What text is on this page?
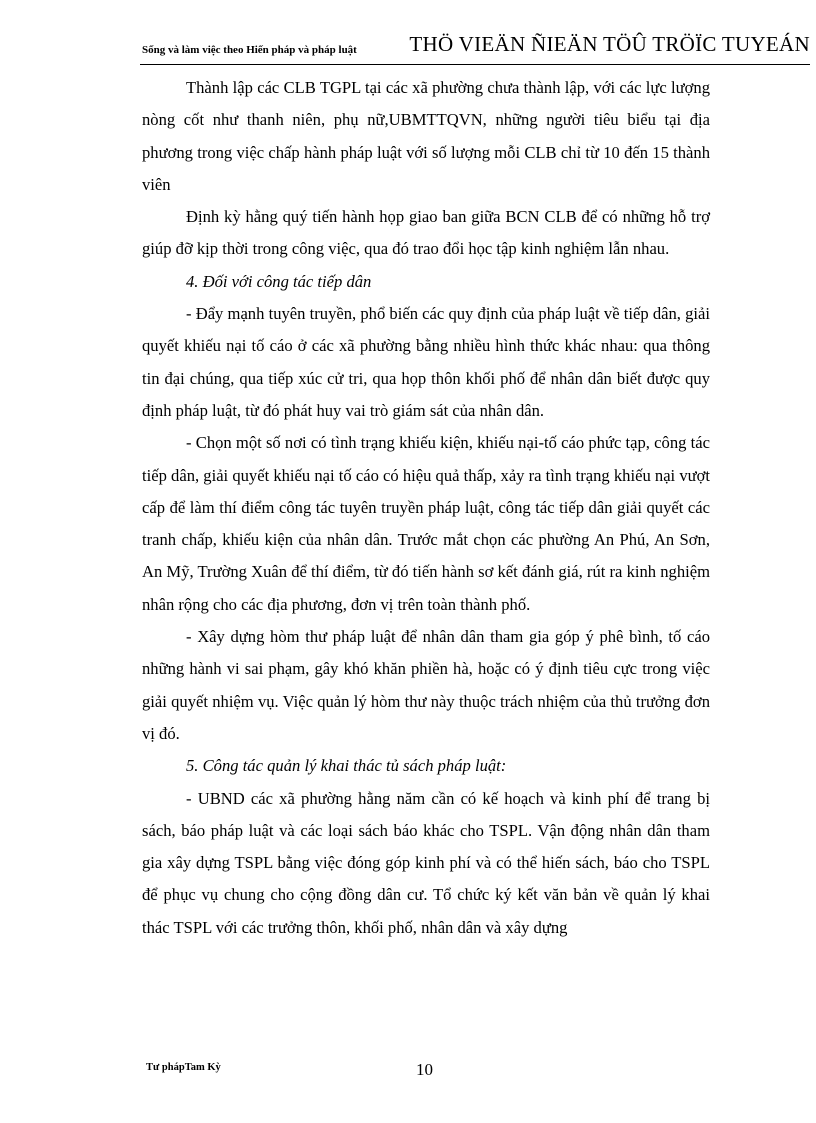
Sống và làm việc theo Hiến pháp và pháp luật	THÖ VIEÄN ÑIEÄN TÖÛ TRÖÏC TUYEÁN

Thành lập các CLB TGPL tại các xã phường chưa thành lập, với các lực lượng nòng cốt như thanh niên, phụ nữ,UBMTTQVN, những người tiêu biểu tại địa phương trong việc chấp hành pháp luật với số lượng mỗi CLB chỉ từ 10 đến 15 thành viên

Định kỳ hằng quý tiến hành họp giao ban giữa BCN CLB để có những hỗ trợ giúp đỡ kịp thời trong công việc, qua đó trao đổi học tập kinh nghiệm lẫn nhau.

4. Đối với công tác tiếp dân

- Đẩy mạnh tuyên truyền, phổ biến các quy định của pháp luật về tiếp dân, giải quyết khiếu nại tố cáo ở các xã phường bằng nhiều hình thức khác nhau: qua thông tin đại chúng, qua tiếp xúc cử tri, qua họp thôn khối phố để nhân dân biết được quy định pháp luật, từ đó phát huy vai trò giám sát của nhân dân.

- Chọn một số nơi có tình trạng khiếu kiện, khiếu nại-tố cáo phức tạp, công tác tiếp dân, giải quyết khiếu nại tố cáo có hiệu quả thấp, xảy ra tình trạng khiếu nại vượt cấp để làm thí điểm công tác tuyên truyền pháp luật, công tác tiếp dân giải quyết các tranh chấp, khiếu kiện của nhân dân. Trước mắt chọn các phường An Phú, An Sơn, An Mỹ, Trường Xuân để thí điểm, từ đó tiến hành sơ kết đánh giá, rút ra kinh nghiệm nhân rộng cho các địa phương, đơn vị trên toàn thành phố.

- Xây dựng hòm thư pháp luật để nhân dân tham gia góp ý phê bình, tố cáo những hành vi sai phạm, gây khó khăn phiền hà, hoặc có ý định tiêu cực trong việc giải quyết nhiệm vụ. Việc quản lý hòm thư này thuộc trách nhiệm của thủ trưởng đơn vị đó.

5. Công tác quản lý khai thác tủ sách pháp luật:

- UBND các xã phường hằng năm cần có kế hoạch và kinh phí để trang bị sách, báo pháp luật và các loại sách báo khác cho TSPL. Vận động nhân dân tham gia xây dựng TSPL bằng việc đóng góp kinh phí và có thể hiến sách, báo cho TSPL để phục vụ chung cho cộng đồng dân cư. Tổ chức ký kết văn bản về quản lý khai thác TSPL với các trưởng thôn, khối phố, nhân dân và xây dựng

Tư phápTam Kỳ	10
